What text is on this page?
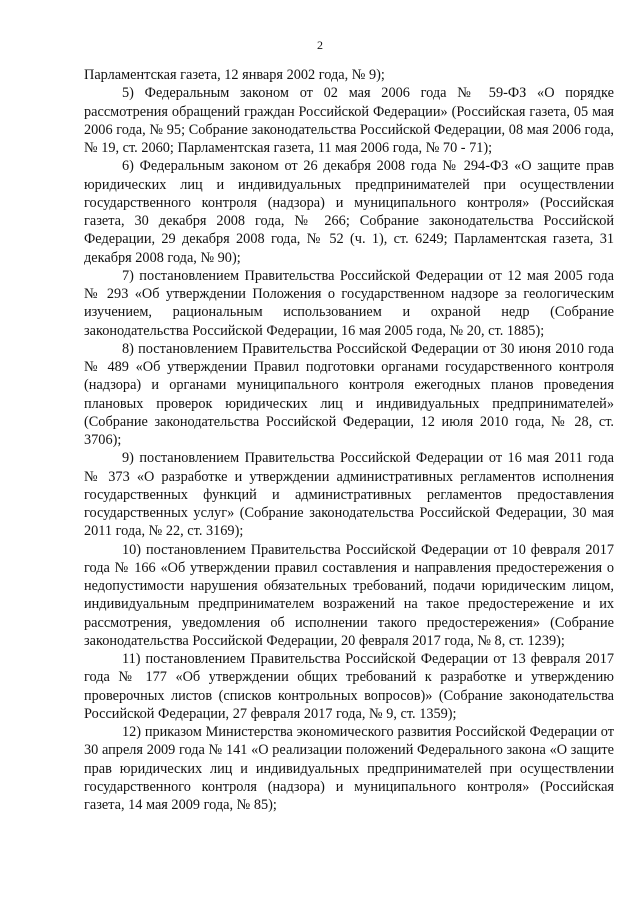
2

Парламентская газета, 12 января 2002 года, № 9);

5) Федеральным законом от 02 мая 2006 года № 59-ФЗ «О порядке рассмотрения обращений граждан Российской Федерации» (Российская газета, 05 мая 2006 года, № 95; Собрание законодательства Российской Федерации, 08 мая 2006 года, № 19, ст. 2060; Парламентская газета, 11 мая 2006 года, № 70 - 71);

6) Федеральным законом от 26 декабря 2008 года № 294-ФЗ «О защите прав юридических лиц и индивидуальных предпринимателей при осуществлении государственного контроля (надзора) и муниципального контроля» (Российская газета, 30 декабря 2008 года, № 266; Собрание законодательства Российской Федерации, 29 декабря 2008 года, № 52 (ч. 1), ст. 6249; Парламентская газета, 31 декабря 2008 года, № 90);

7) постановлением Правительства Российской Федерации от 12 мая 2005 года № 293 «Об утверждении Положения о государственном надзоре за геологическим изучением, рациональным использованием и охраной недр (Собрание законодательства Российской Федерации, 16 мая 2005 года, № 20, ст. 1885);

8) постановлением Правительства Российской Федерации от 30 июня 2010 года № 489 «Об утверждении Правил подготовки органами государственного контроля (надзора) и органами муниципального контроля ежегодных планов проведения плановых проверок юридических лиц и индивидуальных предпринимателей» (Собрание законодательства Российской Федерации, 12 июля 2010 года, № 28, ст. 3706);

9) постановлением Правительства Российской Федерации от 16 мая 2011 года № 373 «О разработке и утверждении административных регламентов исполнения государственных функций и административных регламентов предоставления государственных услуг» (Собрание законодательства Российской Федерации, 30 мая 2011 года, № 22, ст. 3169);

10) постановлением Правительства Российской Федерации от 10 февраля 2017 года № 166 «Об утверждении правил составления и направления предостережения о недопустимости нарушения обязательных требований, подачи юридическим лицом, индивидуальным предпринимателем возражений на такое предостережение и их рассмотрения, уведомления об исполнении такого предостережения» (Собрание законодательства Российской Федерации, 20 февраля 2017 года, № 8, ст. 1239);

11) постановлением Правительства Российской Федерации от 13 февраля 2017 года № 177 «Об утверждении общих требований к разработке и утверждению проверочных листов (списков контрольных вопросов)» (Собрание законодательства Российской Федерации, 27 февраля 2017 года, № 9, ст. 1359);

12) приказом Министерства экономического развития Российской Федерации от 30 апреля 2009 года № 141 «О реализации положений Федерального закона «О защите прав юридических лиц и индивидуальных предпринимателей при осуществлении государственного контроля (надзора) и муниципального контроля» (Российская газета, 14 мая 2009 года, № 85);
